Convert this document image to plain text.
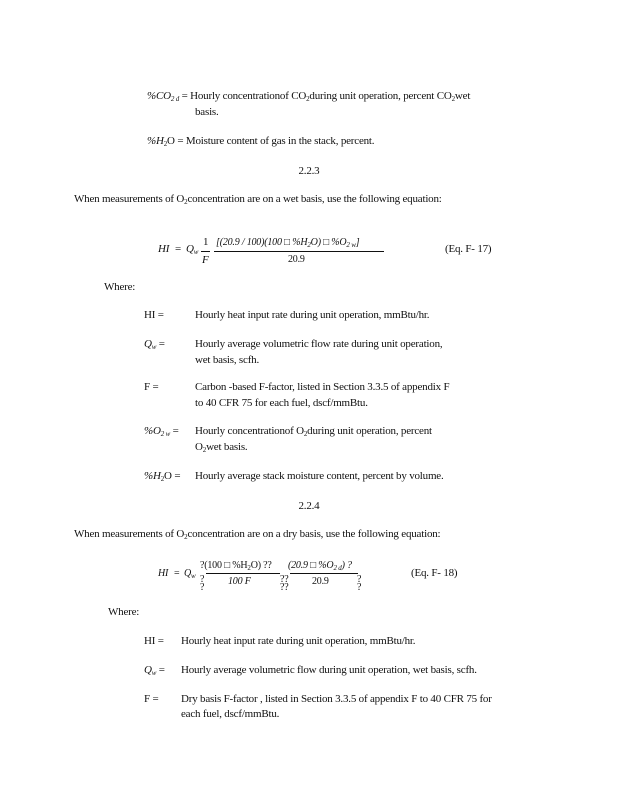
$\%CO_{2 d}$ = Hourly concentrationof $CO_2during$ unit operation, percent $CO_2wet$
basis.
$\%H_2O$ = Moisture content of gas in the stack, percent.
2.2.3
When measurements of $O_2concentration$ are on a wet basis, use the following equation:
HI = $Q_w$
1
F
[(20.9 / 100)(100 □ $\%H_2O$) □ $\%O_{2 w}$]
20.9
(Eq. F- 17)
Where:
HI =	Hourly heat input rate during unit operation, mmBtu/hr.
$Q_w$ =	Hourly average volumetric flow rate during unit operation,
wet basis, scfh.
F =	Carbon -based F-factor, listed in Section 3.3.5 of appendix F
to 40 CFR 75 for each fuel, dscf/mmBtu.
$\%O_{2 w}$ = Hourly concentrationof $O_2during$ unit operation, percent
$O_2wet$ basis.
$\%H_2O$ = Hourly average stack moisture content, percent by volume.
2.2.4
When measurements of $O_2concentration$ are on a dry basis, use the following equation:
HI = $Q_w$
?(100 □ $\%H_2O$) ??
?
?
100 F	??
??
(20.9 □ $\%O_{2 d}$) ?
20.9	?
?
(Eq. F- 18)
Where:
HI = Hourly heat input rate during unit operation, mmBtu/hr.
$Q_w$ = Hourly average volumetric flow during unit operation, wet basis, scfh.
F = Dry basis F-factor , listed in Section 3.3.5 of appendix F to 40 CFR 75 for
each fuel, dscf/mmBtu.
